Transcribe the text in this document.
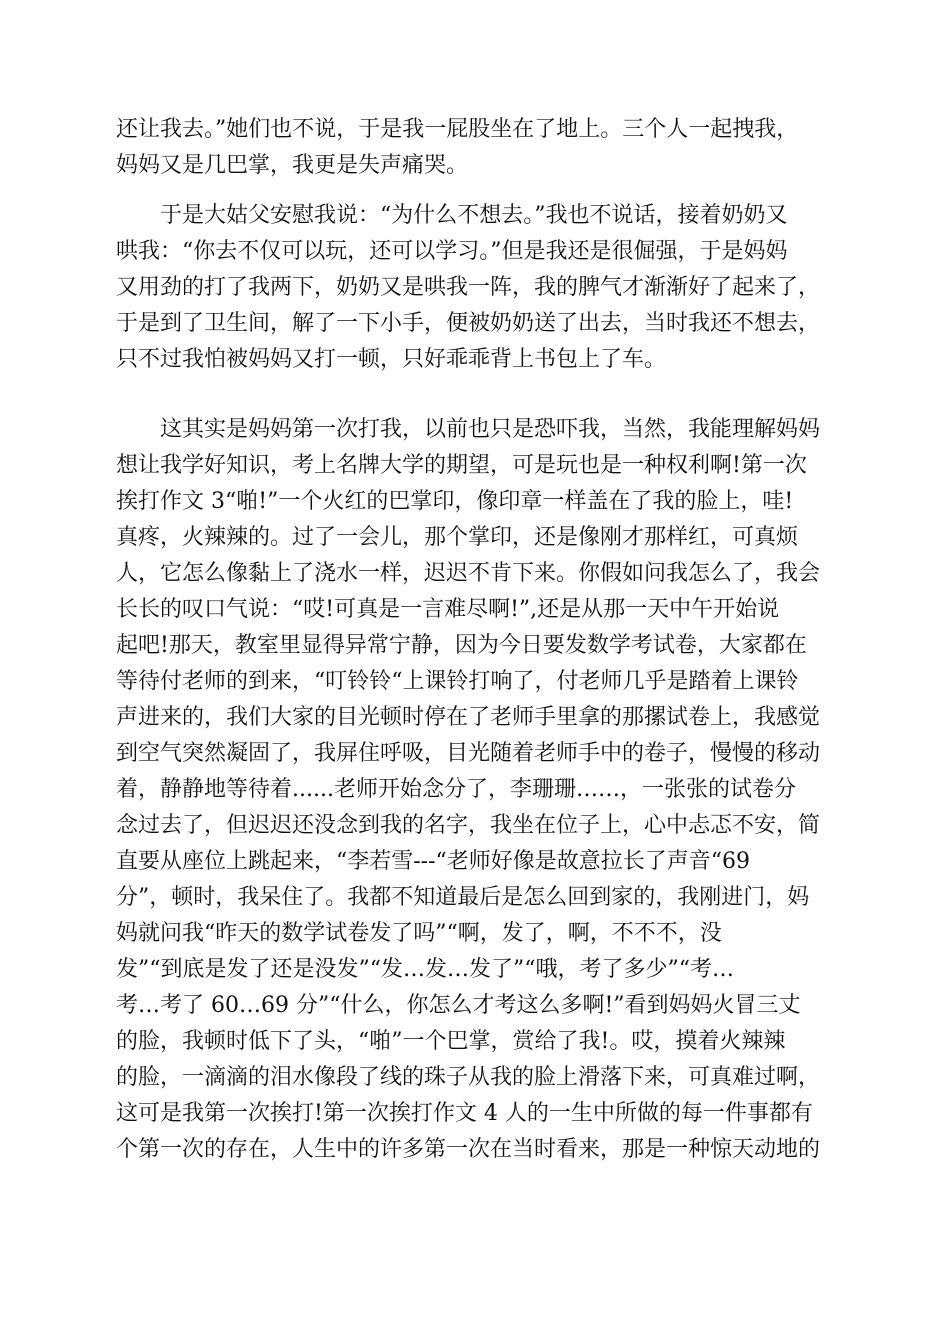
还让我去。”她们也不说，于是我一屁股坐在了地上。三个人一起拽我，
妈妈又是几巴掌，我更是失声痛哭。
于是大姑父安慰我说：“为什么不想去。”我也不说话，接着奶奶又
哄我：“你去不仅可以玩，还可以学习。”但是我还是很倔强，于是妈妈
又用劲的打了我两下，奶奶又是哄我一阵，我的脾气才渐渐好了起来了，
于是到了卫生间，解了一下小手，便被奶奶送了出去，当时我还不想去，
只不过我怕被妈妈又打一顿，只好乖乖背上书包上了车。
这其实是妈妈第一次打我，以前也只是恐吓我，当然，我能理解妈妈
想让我学好知识，考上名牌大学的期望，可是玩也是一种权利啊!第一次
挨打作文 3“啪!”一个火红的巴掌印，像印章一样盖在了我的脸上，哇!
真疼，火辣辣的。过了一会儿，那个掌印，还是像刚才那样红，可真烦
人，它怎么像黏上了浇水一样，迟迟不肯下来。你假如问我怎么了，我会
长长的叹口气说：“哎!可真是一言难尽啊!”,还是从那一天中午开始说
起吧!那天，教室里显得异常宁静，因为今日要发数学考试卷，大家都在
等待付老师的到来，“叮铃铃“上课铃打响了，付老师几乎是踏着上课铃
声进来的，我们大家的目光顿时停在了老师手里拿的那摞试卷上，我感觉
到空气突然凝固了，我屏住呼吸，目光随着老师手中的卷子，慢慢的移动
着，静静地等待着......老师开始念分了，李珊珊……，一张张的试卷分
念过去了，但迟迟还没念到我的名字，我坐在位子上，心中忐忑不安，简
直要从座位上跳起来，“李若雪---“老师好像是故意拉长了声音“69
分”，顿时，我呆住了。我都不知道最后是怎么回到家的，我刚进门，妈
妈就问我“昨天的数学试卷发了吗”“啊，发了，啊，不不不，没
发”“到底是发了还是没发”“发…发…发了”“哦，考了多少”“考…
考…考了 60…69 分”“什么，你怎么才考这么多啊!”看到妈妈火冒三丈
的脸，我顿时低下了头，“啪”一个巴掌，赏给了我!。哎，摸着火辣辣
的脸，一滴滴的泪水像段了线的珠子从我的脸上滑落下来，可真难过啊，
这可是我第一次挨打!第一次挨打作文 4 人的一生中所做的每一件事都有
个第一次的存在，人生中的许多第一次在当时看来，那是一种惊天动地的
